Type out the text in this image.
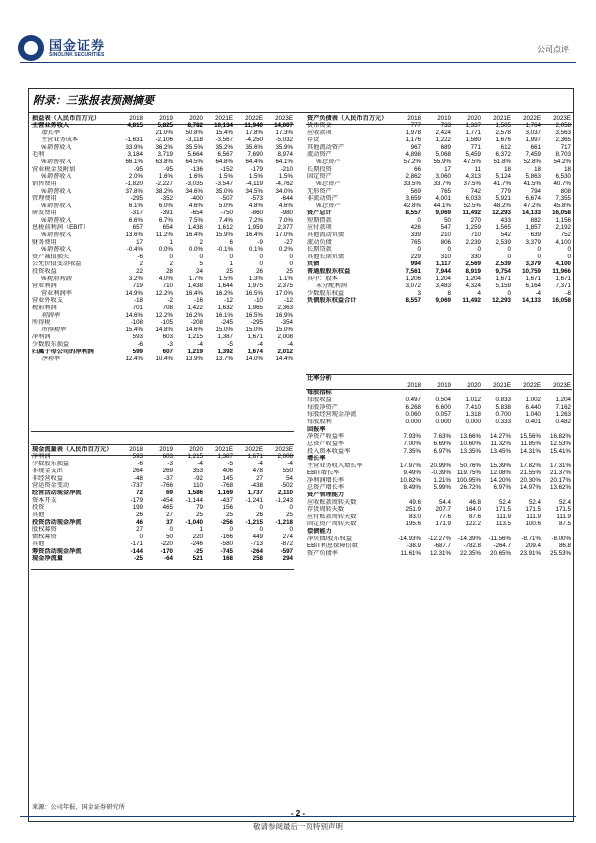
国金证券
SINOLINK SECURITIES
公司点评
附录：三张报表预测摘要
损益表（人民币百万元）	2018	2019	2020	2021E	2022E	2023E
主营业务收入	4,815	5,825	8,782	10,134	11,940	14,007
增长率		21.0%	50.8%	15.4%	17.8%	17.3%
主营业务成本	-1,631	-2,106	-3,118	-3,567	-4,250	-5,032
%销售收入	33.9%	36.2%	35.5%	35.2%	35.6%	35.9%
毛利	3,184	3,719	5,664	6,567	7,690	8,974
%销售收入	66.1%	63.8%	64.5%	64.8%	64.4%	64.1%
营业税金及附加	-95	-95	-136	-152	-179	-210
%销售收入	2.0%	1.6%	1.6%	1.5%	1.5%	1.5%
销售费用	-1,820	-2,227	-3,035	-3,547	-4,119	-4,762
%销售收入	37.8%	38.2%	34.6%	35.0%	34.5%	34.0%
管理费用	-295	-352	-400	-507	-573	-644
%销售收入	6.1%	6.0%	4.6%	5.0%	4.8%	4.6%
研发费用	-317	-391	-654	-750	-860	-980
%销售收入	6.6%	6.7%	7.5%	7.4%	7.2%	7.0%
息税前利润（EBIT）	657	654	1,438	1,612	1,959	2,377
%销售收入	13.6%	11.2%	16.4%	15.9%	16.4%	17.0%
财务费用	17	1	2	6	-9	-27
%销售收入	-0.4%	0.0%	0.0%	-0.1%	0.1%	0.2%
资产减值损失	-6	0	0	0	0	0
公允价值变动收益	2	2	5	1	0	0
投资收益	22	28	24	25	26	25
%税前利润	3.2%	4.0%	1.7%	1.5%	1.3%	1.1%
营业利润	719	710	1,438	1,644	1,975	2,375
营业利润率	14.9%	12.2%	16.4%	16.2%	16.5%	17.0%
营业外收支	-18	-2	-16	-12	-10	-12
税前利润	701	708	1,422	1,632	1,965	2,363
利润率	14.6%	12.2%	16.2%	16.1%	16.5%	16.9%
所得税	-108	-105	-208	-245	-295	-354
所得税率	15.4%	14.8%	14.6%	15.0%	15.0%	15.0%
净利润	593	603	1,215	1,387	1,671	2,008
少数股东损益	-6	-3	-4	-5	-4	-4
归属于母公司的净利润	599	607	1,219	1,392	1,674	2,012
净利率	12.4%	10.4%	13.9%	13.7%	14.0%	14.4%
资产负债表（人民币百万元）	2018	2019	2020	2021E	2022E	2023E
货币资金	777	733	1,337	1,505	1,764	2,058
应收款项	1,978	2,424	1,771	2,578	3,037	3,563
存货	1,176	1,222	1,580	1,676	1,997	2,365
其他流动资产	967	689	771	612	661	717
流动资产	4,898	5,068	5,459	6,372	7,459	8,703
%总资产	57.2%	55.9%	47.5%	51.8%	52.8%	54.2%
长期投资	66	17	11	18	18	18
固定资产	2,862	3,060	4,313	5,124	5,863	6,530
%总资产	33.5%	33.7%	37.5%	41.7%	41.5%	40.7%
无形资产	569	765	742	779	794	808
非流动资产	3,659	4,001	6,033	5,921	6,674	7,355
%总资产	42.8%	44.1%	52.5%	48.2%	47.2%	45.8%
资产总计	8,557	9,069	11,492	12,293	14,133	16,058
短期借款	0	50	270	433	882	1,156
应付款项	426	547	1,259	1,565	1,857	2,192
其他流动负债	339	210	710	542	639	752
流动负债	765	806	2,239	2,539	3,379	4,100
长期贷款	0	0	0	0	0	0
其他长期负债	229	310	330	0	0	0
负债	994	1,117	2,569	2,539	3,379	4,100
普通股股东权益	7,561	7,944	8,919	9,754	10,759	11,966
其中：股本	1,206	1,204	1,204	1,671	1,671	1,671
未分配利润	3,072	3,483	4,324	5,159	6,164	7,371
少数股东权益	3	8	4	0	-4	-8
负债股东权益合计	8,557	9,069	11,492	12,293	14,133	16,058
比率分析						
	2018	2019	2020	2021E	2022E	2023E
每股指标						
每股收益	0.497	0.504	1.012	0.833	1.002	1.204
每股净资产	6.268	6.600	7.410	5.838	6.440	7.162
每股经营现金净流	0.060	0.057	1.318	0.700	1.040	1.263
每股股利	0.000	0.000	0.000	0.333	0.401	0.482
回报率						
净资产收益率	7.93%	7.63%	13.66%	14.27%	15.56%	16.82%
总资产收益率	7.00%	6.69%	10.60%	11.32%	11.85%	12.53%
投入资本收益率	7.35%	6.97%	13.35%	13.45%	14.31%	15.41%
增长率						
主营业务收入增长率	17.97%	20.99%	50.76%	15.39%	17.82%	17.31%
EBIT增长率	9.49%	-0.39%	119.75%	12.08%	21.55%	21.37%
净利润增长率	10.82%	1.21%	100.95%	14.20%	20.30%	20.17%
总资产增长率	8.49%	5.99%	26.72%	6.97%	14.97%	13.62%
资产管理能力						
应收账款周转天数	49.6	54.4	46.8	52.4	52.4	52.4
存货周转天数	251.9	207.7	164.0	171.5	171.5	171.5
应付账款周转天数	83.0	77.6	87.6	111.9	111.9	111.9
固定资产周转天数	195.6	171.9	122.2	113.5	100.6	87.5
偿债能力						
净负债/股东权益	-14.93%	-12.27%	-14.39%	-11.56%	-8.71%	-8.00%
EBIT利息保障倍数	-38.9	-687.7	-782.8	-264.7	209.4	86.8
资产负债率	11.61%	12.31%	22.35%	20.65%	23.91%	25.53%
现金流量表（人民币百万元）	2018	2019	2020	2021E	2022E	2023E
净利润	593	603	1,215	1,387	1,671	2,008
少数股东损益	-6	-3	-4	-5	-4	-4
非现金支出	264	269	353	406	478	550
非经营收益	-48	-37	-92	145	27	54
营运资金变动	-737	-766	110	-768	-438	-502
经营活动现金净流	72	69	1,586	1,169	1,737	2,110
资本开支	-179	-454	-1,144	-437	-1,241	-1,243
投资	199	465	79	156	0	0
其他	26	27	25	25	26	25
投资活动现金净流	46	37	-1,040	-256	-1,215	-1,218
股权募资	27	0	1	0	0	0
债权募资	0	50	220	-166	449	274
其他	-171	-220	-246	-580	-713	-872
筹资活动现金净流	-144	-170	-25	-745	-264	-597
现金净流量	-25	-64	521	168	258	294
来源：公司年报、国金证券研究所
- 2 -
敬请参阅最后一页特别声明
